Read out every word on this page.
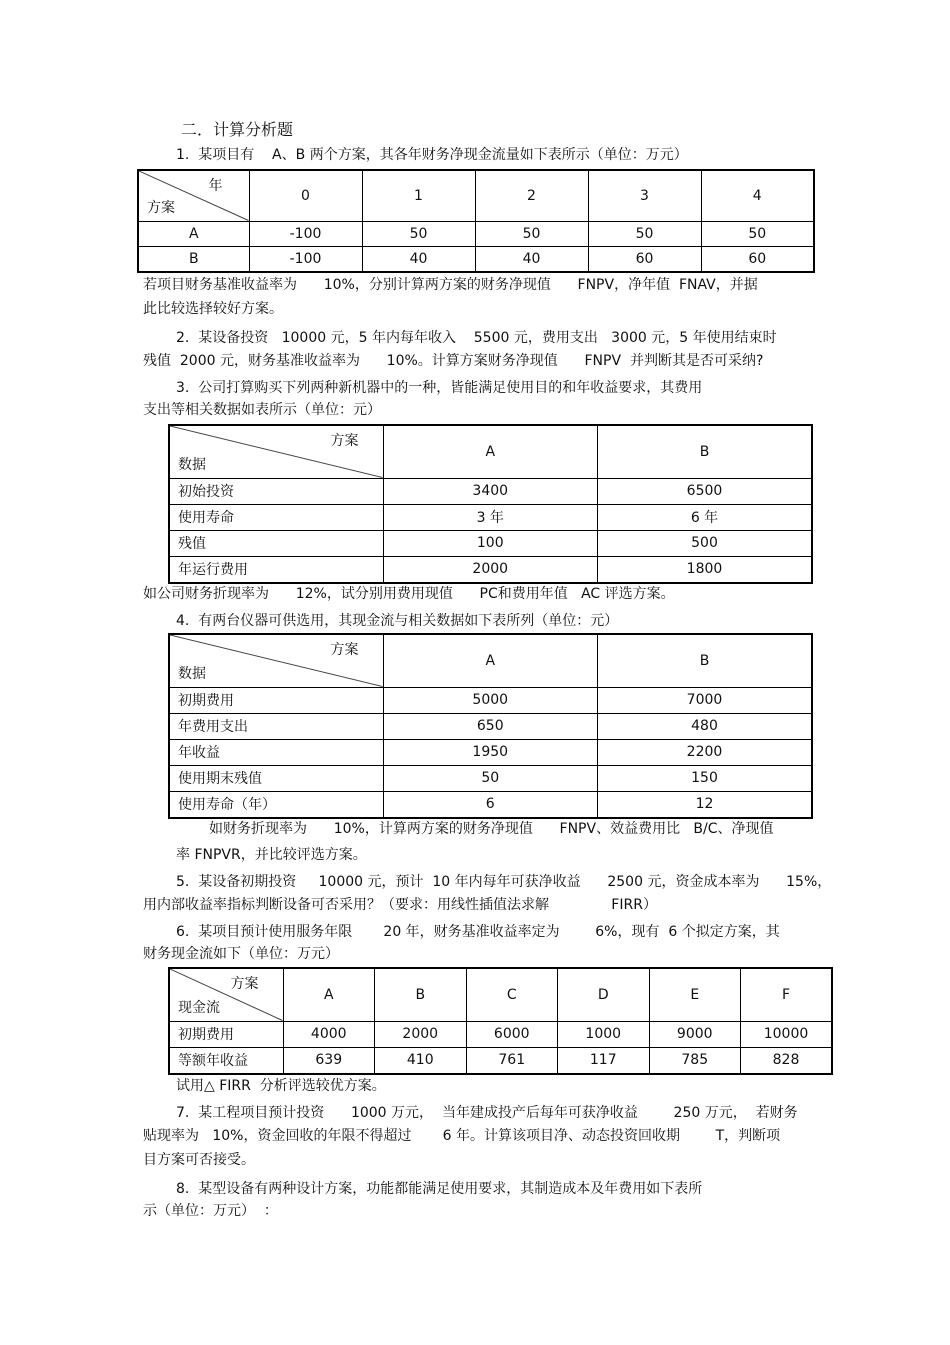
二．计算分析题
1.  某项目有    A、B 两个方案，其各年财务净现金流量如下表所示（单位：万元）
年
方案	0	1	2	3	4
A	-100	50	50	50	50
B	-100	40	40	60	60
若项目财务基准收益率为      10%，分别计算两方案的财务净现值      FNPV，净年值  FNAV，并据
此比较选择较好方案。
2.  某设备投资   10000 元，5 年内每年收入    5500 元，费用支出   3000 元，5 年使用结束时
残值  2000 元，财务基准收益率为      10%。计算方案财务净现值      FNPV  并判断其是否可采纳?
3.  公司打算购买下列两种新机器中的一种，皆能满足使用目的和年收益要求，其费用
支出等相关数据如表所示（单位：元）
方案
数据	A	B
初始投资	3400	6500
使用寿命	3 年	6 年
残值	100	500
年运行费用	2000	1800
如公司财务折现率为      12%，试分别用费用现值      PC和费用年值   AC 评选方案。
4.  有两台仪器可供选用，其现金流与相关数据如下表所列（单位：元）
方案
数据	A	B
初期费用	5000	7000
年费用支出	650	480
年收益	1950	2200
使用期末残值	50	150
使用寿命（年）	6	12
如财务折现率为      10%，计算两方案的财务净现值      FNPV、效益费用比   B/C、净现值
率 FNPVR，并比较评选方案。
5.  某设备初期投资     10000 元，预计  10 年内每年可获净收益      2500 元，资金成本率为      15%，
用内部收益率指标判断设备可否采用？（要求：用线性插值法求解              FIRR）
6.  某项目预计使用服务年限       20 年，财务基准收益率定为        6%，现有  6 个拟定方案，其
财务现金流如下（单位：万元）
方案
现金流	A	B	C	D	E	F
初期费用	4000	2000	6000	1000	9000	10000
等额年收益	639	410	761	117	785	828
试用△ FIRR  分析评选较优方案。
7.  某工程项目预计投资      1000 万元，  当年建成投产后每年可获净收益        250 万元，  若财务
贴现率为   10%，资金回收的年限不得超过       6 年。计算该项目净、动态投资回收期        T，判断项
目方案可否接受。
8.  某型设备有两种设计方案，功能都能满足使用要求，其制造成本及年费用如下表所
示（单位：万元）  ：
